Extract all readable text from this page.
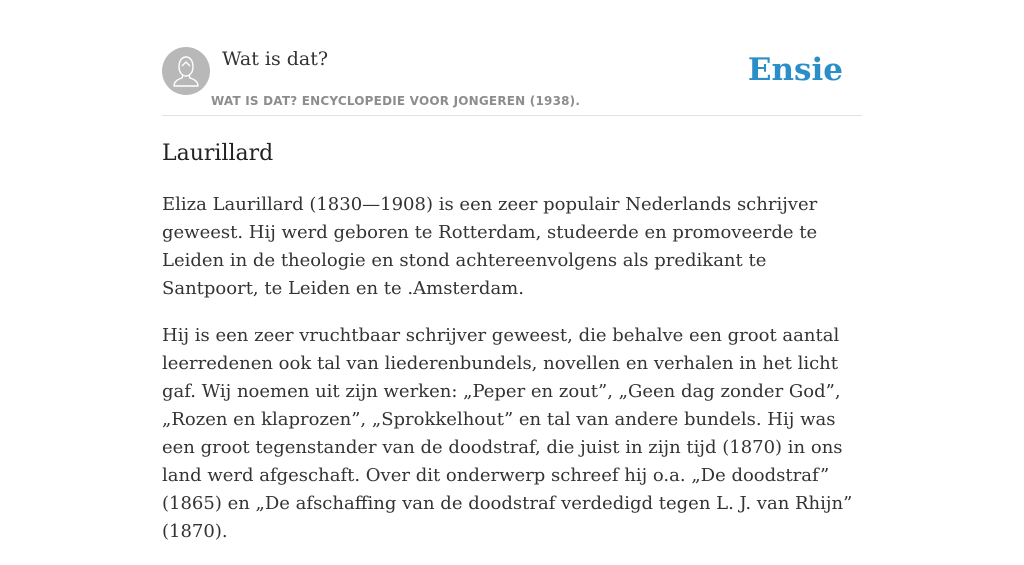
Wat is dat?
WAT IS DAT? ENCYCLOPEDIE VOOR JONGEREN (1938).
Ensie
Laurillard

Eliza Laurillard (1830—1908) is een zeer populair Nederlands schrijver geweest. Hij werd geboren te Rotterdam, studeerde en promoveerde te Leiden in de theologie en stond achtereenvolgens als predikant te Santpoort, te Leiden en te .Amsterdam.

Hij is een zeer vruchtbaar schrijver geweest, die behalve een groot aantal leerredenen ook tal van liederenbundels, novellen en verhalen in het licht gaf. Wij noemen uit zijn werken: „Peper en zout”, „Geen dag zonder God”, „Rozen en klaprozen”, „Sprokkelhout” en tal van andere bundels. Hij was een groot tegenstander van de doodstraf, die juist in zijn tijd (1870) in ons land werd afgeschaft. Over dit onderwerp schreef hij o.a. „De doodstraf” (1865) en „De afschaffing van de doodstraf verdedigd tegen L. J. van Rhijn” (1870).
